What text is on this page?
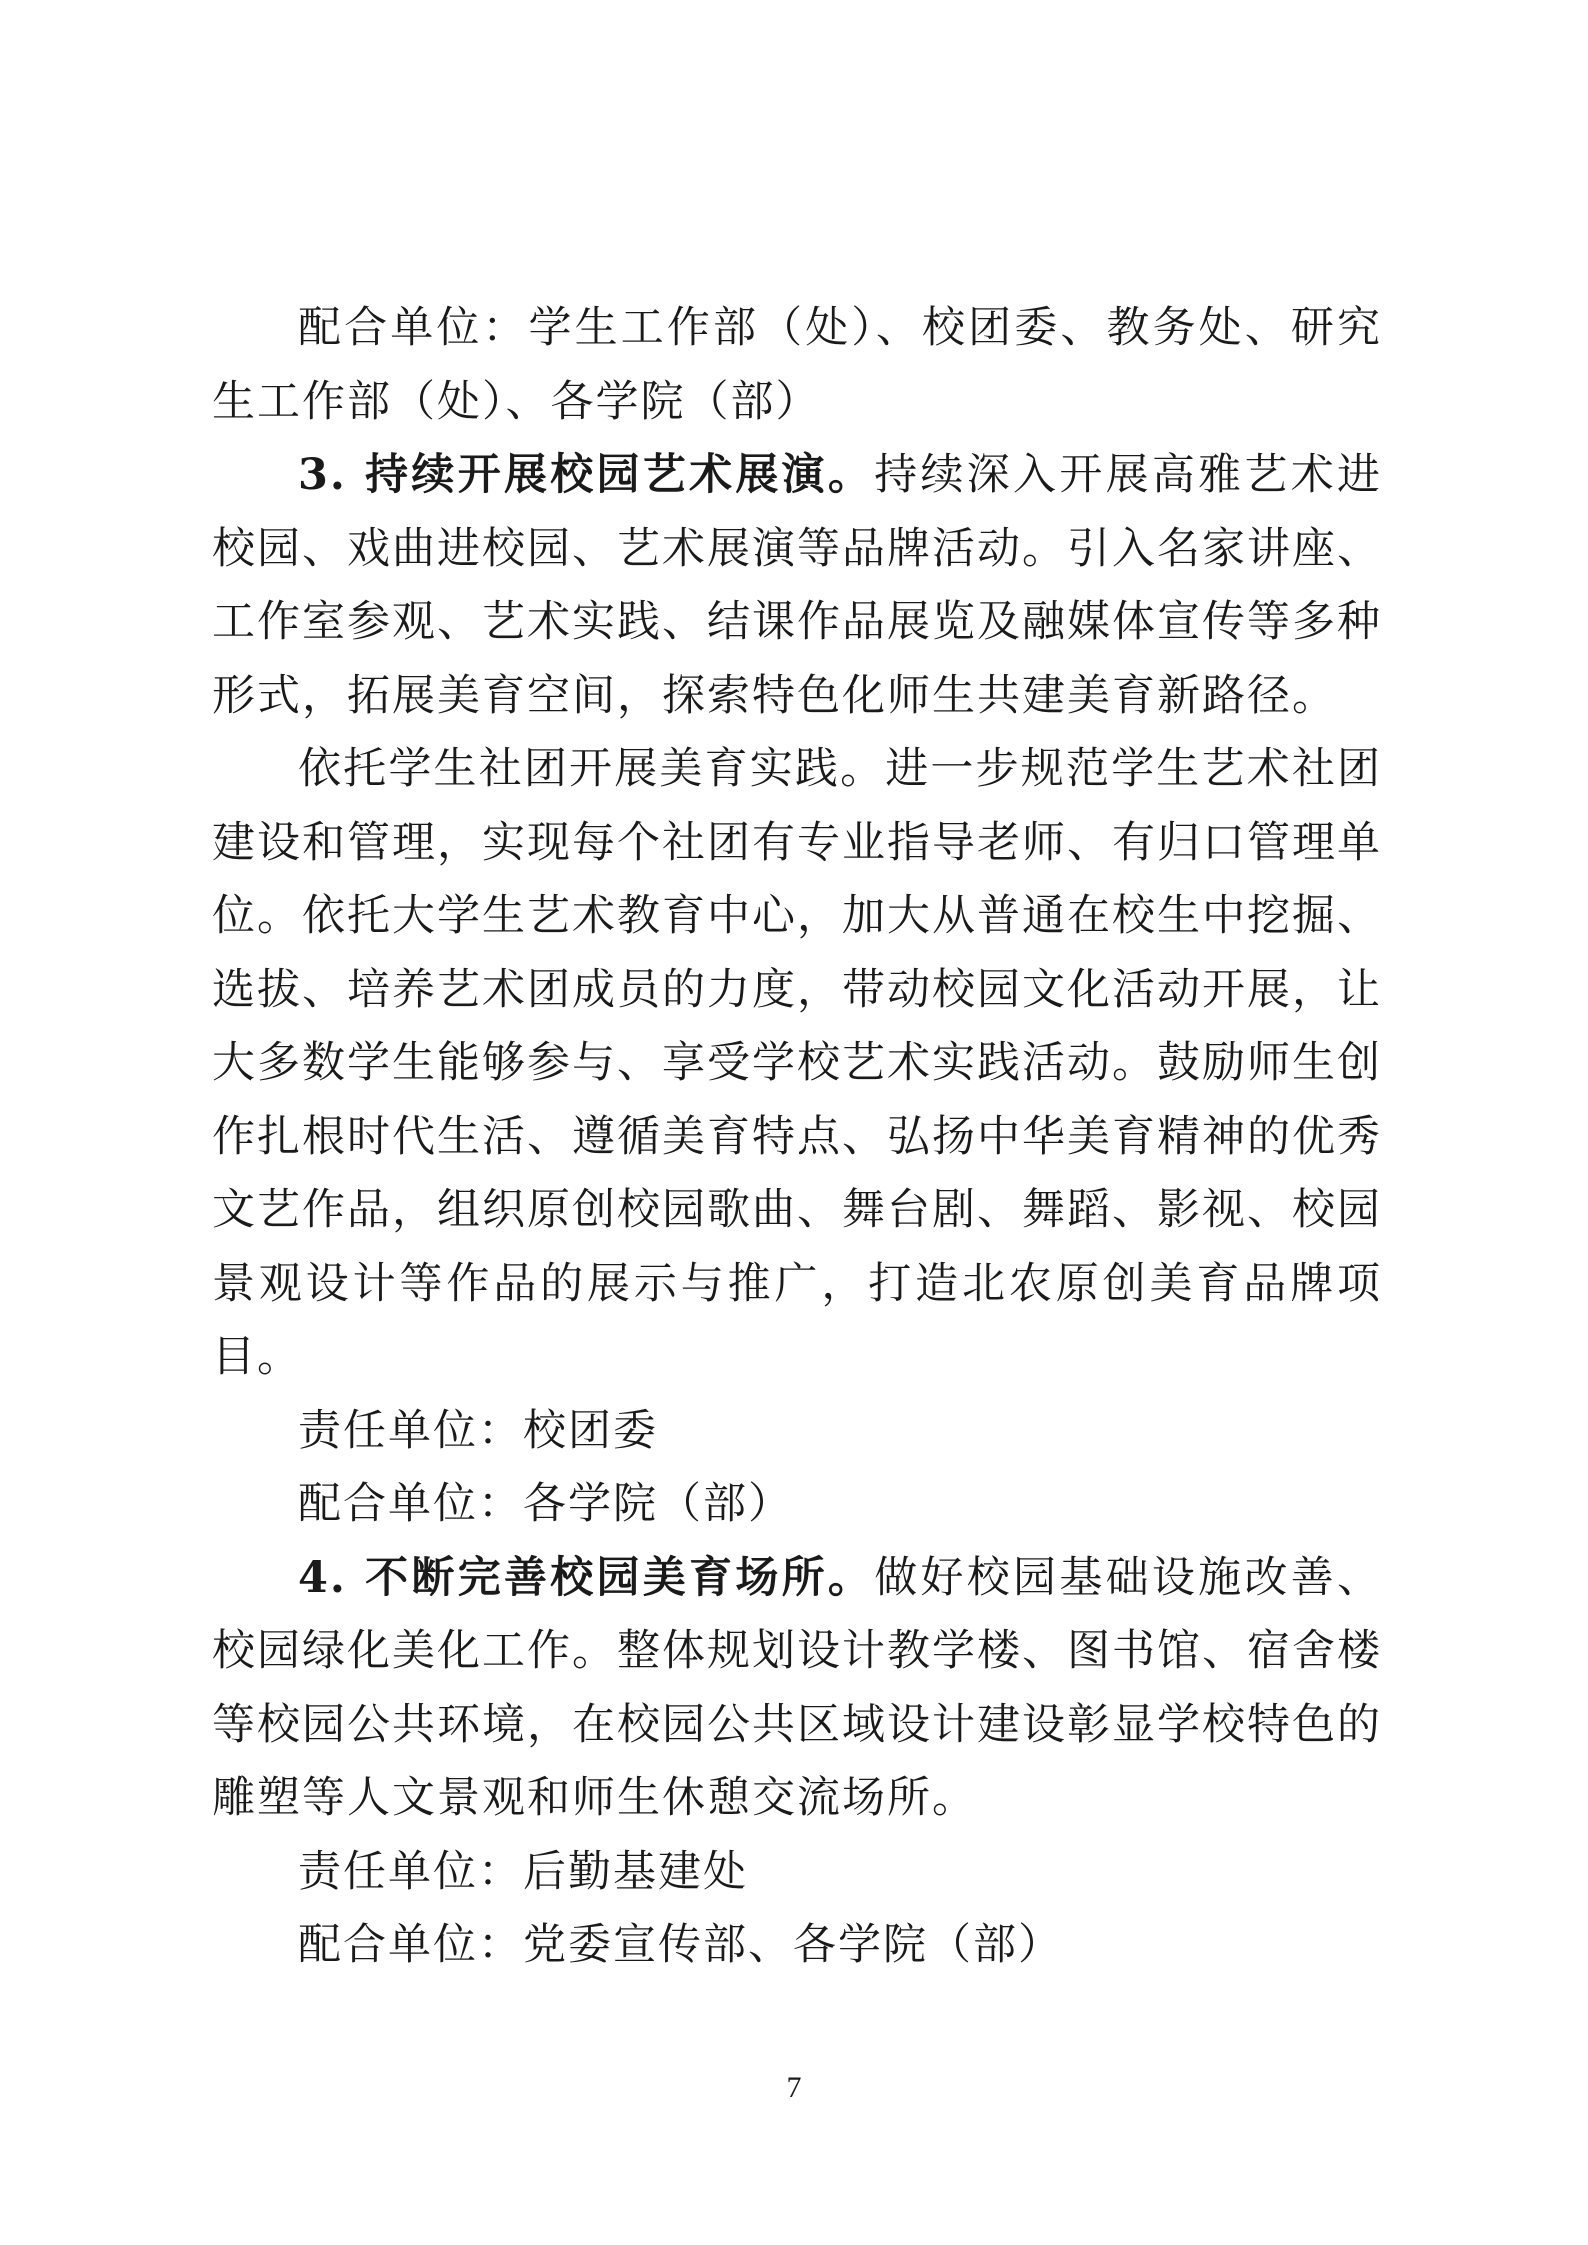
配合单位：学生工作部（处）、校团委、教务处、研究生工作部（处）、各学院（部）

3. 持续开展校园艺术展演。持续深入开展高雅艺术进校园、戏曲进校园、艺术展演等品牌活动。引入名家讲座、工作室参观、艺术实践、结课作品展览及融媒体宣传等多种形式，拓展美育空间，探索特色化师生共建美育新路径。

依托学生社团开展美育实践。进一步规范学生艺术社团建设和管理，实现每个社团有专业指导老师、有归口管理单位。依托大学生艺术教育中心，加大从普通在校生中挖掘、选拔、培养艺术团成员的力度，带动校园文化活动开展，让大多数学生能够参与、享受学校艺术实践活动。鼓励师生创作扎根时代生活、遵循美育特点、弘扬中华美育精神的优秀文艺作品，组织原创校园歌曲、舞台剧、舞蹈、影视、校园景观设计等作品的展示与推广，打造北农原创美育品牌项目。

责任单位：校团委

配合单位：各学院（部）

4. 不断完善校园美育场所。做好校园基础设施改善、校园绿化美化工作。整体规划设计教学楼、图书馆、宿舍楼等校园公共环境，在校园公共区域设计建设彰显学校特色的雕塑等人文景观和师生休憩交流场所。

责任单位：后勤基建处

配合单位：党委宣传部、各学院（部）

7
